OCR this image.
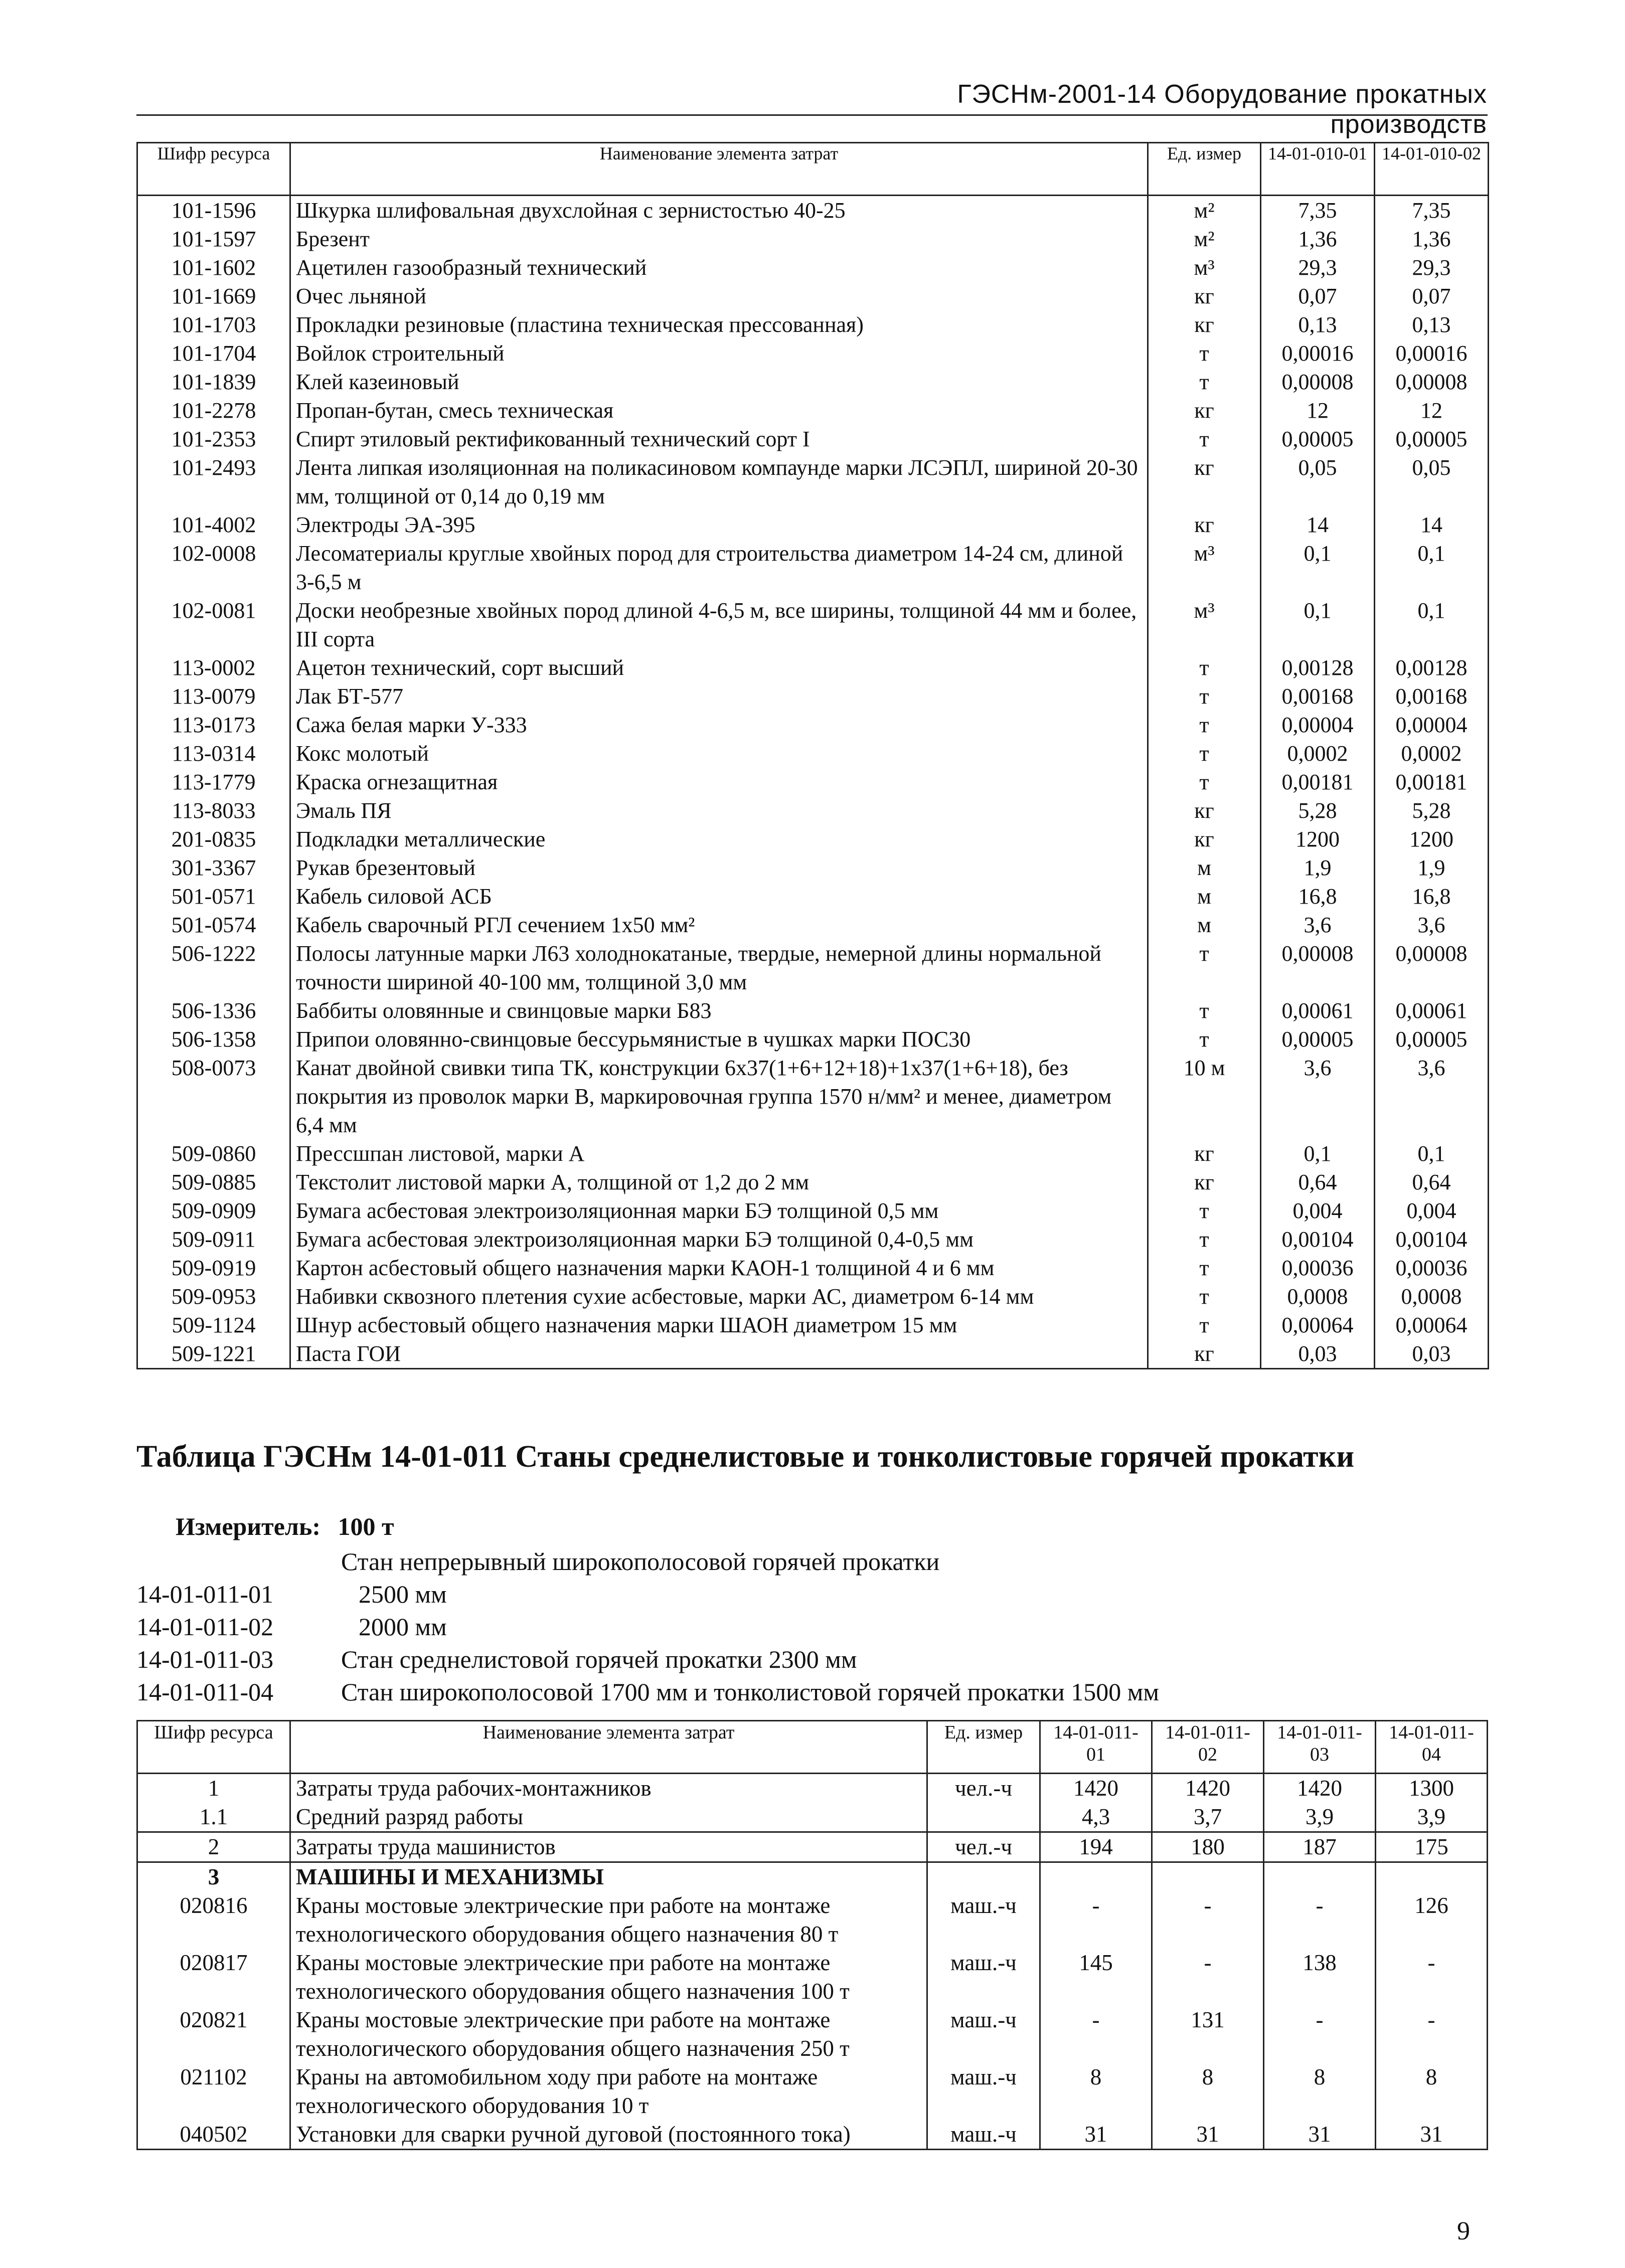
ГЭСНм-2001-14 Оборудование прокатных производств
Шифр ресурса	Наименование элемента затрат	Ед. измер	14-01-010-01	14-01-010-02
101-1596	Шкурка шлифовальная двухслойная с зернистостью 40-25	м²	7,35	7,35
101-1597	Брезент	м²	1,36	1,36
101-1602	Ацетилен газообразный технический	м³	29,3	29,3
101-1669	Очес льняной	кг	0,07	0,07
101-1703	Прокладки резиновые (пластина техническая прессованная)	кг	0,13	0,13
101-1704	Войлок строительный	т	0,00016	0,00016
101-1839	Клей казеиновый	т	0,00008	0,00008
101-2278	Пропан-бутан, смесь техническая	кг	12	12
101-2353	Спирт этиловый ректификованный технический сорт I	т	0,00005	0,00005
101-2493	Лента липкая изоляционная на поликасиновом компаунде марки ЛСЭПЛ, шириной 20-30 мм, толщиной от 0,14 до 0,19 мм	кг	0,05	0,05
101-4002	Электроды ЭА-395	кг	14	14
102-0008	Лесоматериалы круглые хвойных пород для строительства диаметром 14-24 см, длиной 3-6,5 м	м³	0,1	0,1
102-0081	Доски необрезные хвойных пород длиной 4-6,5 м, все ширины, толщиной 44 мм и более, III сорта	м³	0,1	0,1
113-0002	Ацетон технический, сорт высший	т	0,00128	0,00128
113-0079	Лак БТ-577	т	0,00168	0,00168
113-0173	Сажа белая марки У-333	т	0,00004	0,00004
113-0314	Кокс молотый	т	0,0002	0,0002
113-1779	Краска огнезащитная	т	0,00181	0,00181
113-8033	Эмаль ПЯ	кг	5,28	5,28
201-0835	Подкладки металлические	кг	1200	1200
301-3367	Рукав брезентовый	м	1,9	1,9
501-0571	Кабель силовой АСБ	м	16,8	16,8
501-0574	Кабель сварочный РГЛ сечением 1х50 мм²	м	3,6	3,6
506-1222	Полосы латунные марки Л63 холоднокатаные, твердые, немерной длины нормальной точности шириной 40-100 мм, толщиной 3,0 мм	т	0,00008	0,00008
506-1336	Баббиты оловянные и свинцовые марки Б83	т	0,00061	0,00061
506-1358	Припои оловянно-свинцовые бессурьмянистые в чушках марки ПОС30	т	0,00005	0,00005
508-0073	Канат двойной свивки типа ТК, конструкции 6х37(1+6+12+18)+1х37(1+6+18), без покрытия из проволок марки В, маркировочная группа 1570 н/мм² и менее, диаметром 6,4 мм	10 м	3,6	3,6
509-0860	Прессшпан листовой, марки А	кг	0,1	0,1
509-0885	Текстолит листовой марки А, толщиной от 1,2 до 2 мм	кг	0,64	0,64
509-0909	Бумага асбестовая электроизоляционная марки БЭ толщиной 0,5 мм	т	0,004	0,004
509-0911	Бумага асбестовая электроизоляционная марки БЭ толщиной 0,4-0,5 мм	т	0,00104	0,00104
509-0919	Картон асбестовый общего назначения марки КАОН-1 толщиной 4 и 6 мм	т	0,00036	0,00036
509-0953	Набивки сквозного плетения сухие асбестовые, марки АС, диаметром 6-14 мм	т	0,0008	0,0008
509-1124	Шнур асбестовый общего назначения марки ШАОН диаметром 15 мм	т	0,00064	0,00064
509-1221	Паста ГОИ	кг	0,03	0,03
Таблица ГЭСНм 14-01-011 Станы среднелистовые и тонколистовые горячей прокатки
Измеритель: 100 т
Стан непрерывный широкополосовой горячей прокатки
14-01-011-01	2500 мм
14-01-011-02	2000 мм
14-01-011-03	Стан среднелистовой горячей прокатки 2300 мм
14-01-011-04	Стан широкополосовой 1700 мм и тонколистовой горячей прокатки 1500 мм
Шифр ресурса	Наименование элемента затрат	Ед. измер	14-01-011-01	14-01-011-02	14-01-011-03	14-01-011-04
1	Затраты труда рабочих-монтажников	чел.-ч	1420	1420	1420	1300
1.1	Средний разряд работы		4,3	3,7	3,9	3,9
2	Затраты труда машинистов	чел.-ч	194	180	187	175
3	МАШИНЫ И МЕХАНИЗМЫ					
020816	Краны мостовые электрические при работе на монтаже технологического оборудования общего назначения 80 т	маш.-ч	-	-	-	126
020817	Краны мостовые электрические при работе на монтаже технологического оборудования общего назначения 100 т	маш.-ч	145	-	138	-
020821	Краны мостовые электрические при работе на монтаже технологического оборудования общего назначения 250 т	маш.-ч	-	131	-	-
021102	Краны на автомобильном ходу при работе на монтаже технологического оборудования 10 т	маш.-ч	8	8	8	8
040502	Установки для сварки ручной дуговой (постоянного тока)	маш.-ч	31	31	31	31
9
